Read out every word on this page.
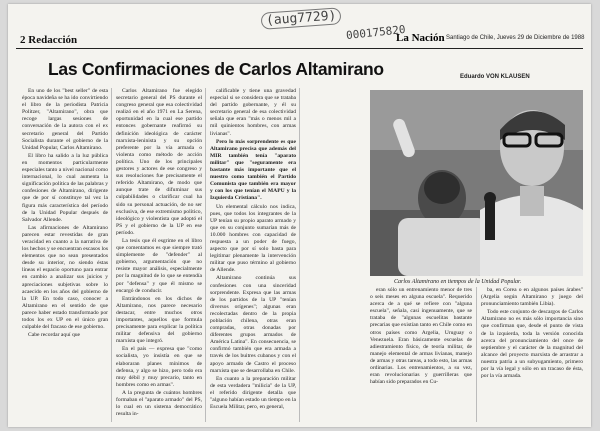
(aug7729)
000175820
2 Redacción	La Nación Santiago de Chile, Jueves 29 de Diciembre de 1988
Las Confirmaciones de Carlos Altamirano	Eduardo VON KLAUSEN

En uno de los "best seller" de esta época navideña se ha ido convirtiendo el libro de la periodista Patricia Politzer, "Altamirano", obra que recoge largas sesiones de conversación de la autora con el ex secretario general del Partido Socialista durante el gobierno de la Unidad Popular, Carlos Altamirano.

El libro ha salido a la luz pública en momentos particularmente especiales tanto a nivel nacional como internacional, lo cual aumenta la significación política de las palabras y confesiones de Altamirano, dirigente que de por sí constituye tal vez la figura más característica del período de la Unidad Popular después de Salvador Allende.

Las afirmaciones de Altamirano parecen estar revestidas de gran veracidad en cuanto a la narrativa de los hechos y se encuentran escasos los elementos que no sean presentados desde su interior, no siendo éstas líneas el espacio oportuno para entrar en cambio a analizar sus juicios y apreciaciones subjetivas sobre lo acaecido en los años del gobierno de la UP. En todo caso, conocer a Altamirano en el sentido de que parece haber estado transformado por todos los ex UP en el único gran culpable del fracaso de ese gobierno.

Cabe recordar aquí que

Carlos Altamirano fue elegido secretario general del PS durante el congreso general que esa colectividad realizó en el año 1971 en La Serena, oportunidad en la cual ese partido entonces gobernante reafirmó su definición ideológica de carácter marxista-leninista y su opción preferente por la vía armada o violenta como método de acción política. Uno de los principales gestores y actores de ese congreso y sus resoluciones fue precisamente el referido Altamirano, de modo que aunque trate de difuminar sus culpabilidades o clarificar cual ha sido su personal actuación, de no ser exclusiva, de ese extremismo político, ideológico y violentista que adoptó el PS y el gobierno de la UP en ese período.

La tesis que él esgrime en el libro que comentamos es que siempre trató simplemente de "defender" al gobierno, argumentación que no resiste mayor análisis, especialmente por la magnitud de lo que se entendía por "defensa" y que él mismo se encargó de conducir.

Entrándonos en los dichos de Altamirano, nos parece necesario destacar, entre muchos otros importantes, aquellos que formula precisamente para explicar la política militar defensiva del gobierno marxista que integró.

En el país — expresa que "como socialista, yo insistía en que se elaboraran planes mínimos de defensa, y algo se hizo, pero todo era muy débil y muy precario, tanto en hombres como en armas".

A la pregunta de cuántos hombres formaban el "aparato armado" del PS, lo cual en un sistema democrático resulta in-

calificable y tiene una gravedad especial si se considera que se trataba del partido gobernante, y él su secretario general de esa colectividad señala que eran "más o menos mil a mil quinientos hombres, con armas livianas".

Pero lo más sorprendente es que Altamirano precisa que además del MIR también tenía "aparato militar" que "seguramente era bastante más importante que el nuestro como también el Partido Comunista que también era mayor y con los que tenían el MAPU y la Izquierda Cristiana".

Un elemental cálculo nos indica, pues, que todos los integrantes de la UP tenían su propio aparato armado y que en su conjunto sumarían más de 10.000 hombres con capacidad de respuesta a un poder de fuego, aspecto que por sí solo basta para legitimar plenamente la intervención militar que puso término al gobierno de Allende.

Altamirano continúa sus confesiones con una sinceridad sorprendente. Expresa que las armas de los partidos de la UP "tenían diversos orígenes"; algunas eran recolectadas dentro de la propia población chilena, otras eran compradas, otras donadas por diferentes grupos armados de América Latina". En consecuencia, se confirmó también que era armada a través de los buitres cubanos y con el apoyo armado de Castro el proceso marxista que se desarrollaba en Chile.

En cuanto a la preparación militar de esta verdadera "milicia" de la UP, el referido dirigente detalla que "alguno habían estado un tiempo en la Escuela Militar, pero, en general,

Carlos Altamirano en tiempos de la Unidad Popular.

eran sólo un entrenamiento menor de tres o seis meses en alguna escuela". Requerido acerca de a qué se refiere con "alguna escuela", señala, casi ingenuamente, que se trataba de "algunas escuelitas bastante precarias que existían tanto en Chile como en otros países como Argelia, Uruguay o Venezuela. Eran básicamente escuelas de adiestramiento físico, de teoría militar, de manejo elemental de armas livianas, manejo de armas y otras tareas, a todo esto, las armas ordinarias. Los entrenamientos, a su vez, eran revolucionarias y guerrilleras que habían sido preparados en Cu-

ba, en Corea o en algunos países árabes" (Argelia según Altamirano y juego del pronunciamiento también Libia).

Todo este conjunto de descargos de Carlos Altamirano no es más sólo importancia sino que confirman que, desde el punto de vista de la izquierda, toda la versión conocida acerca del pronunciamiento del once de septiembre y el carácter de la magnitud del alcance del proyecto marxista de arrastrar a nuestra patria a un subyugamiento, primero por la vía legal y sólo en un tracaso de ésta, por la vía armada.
